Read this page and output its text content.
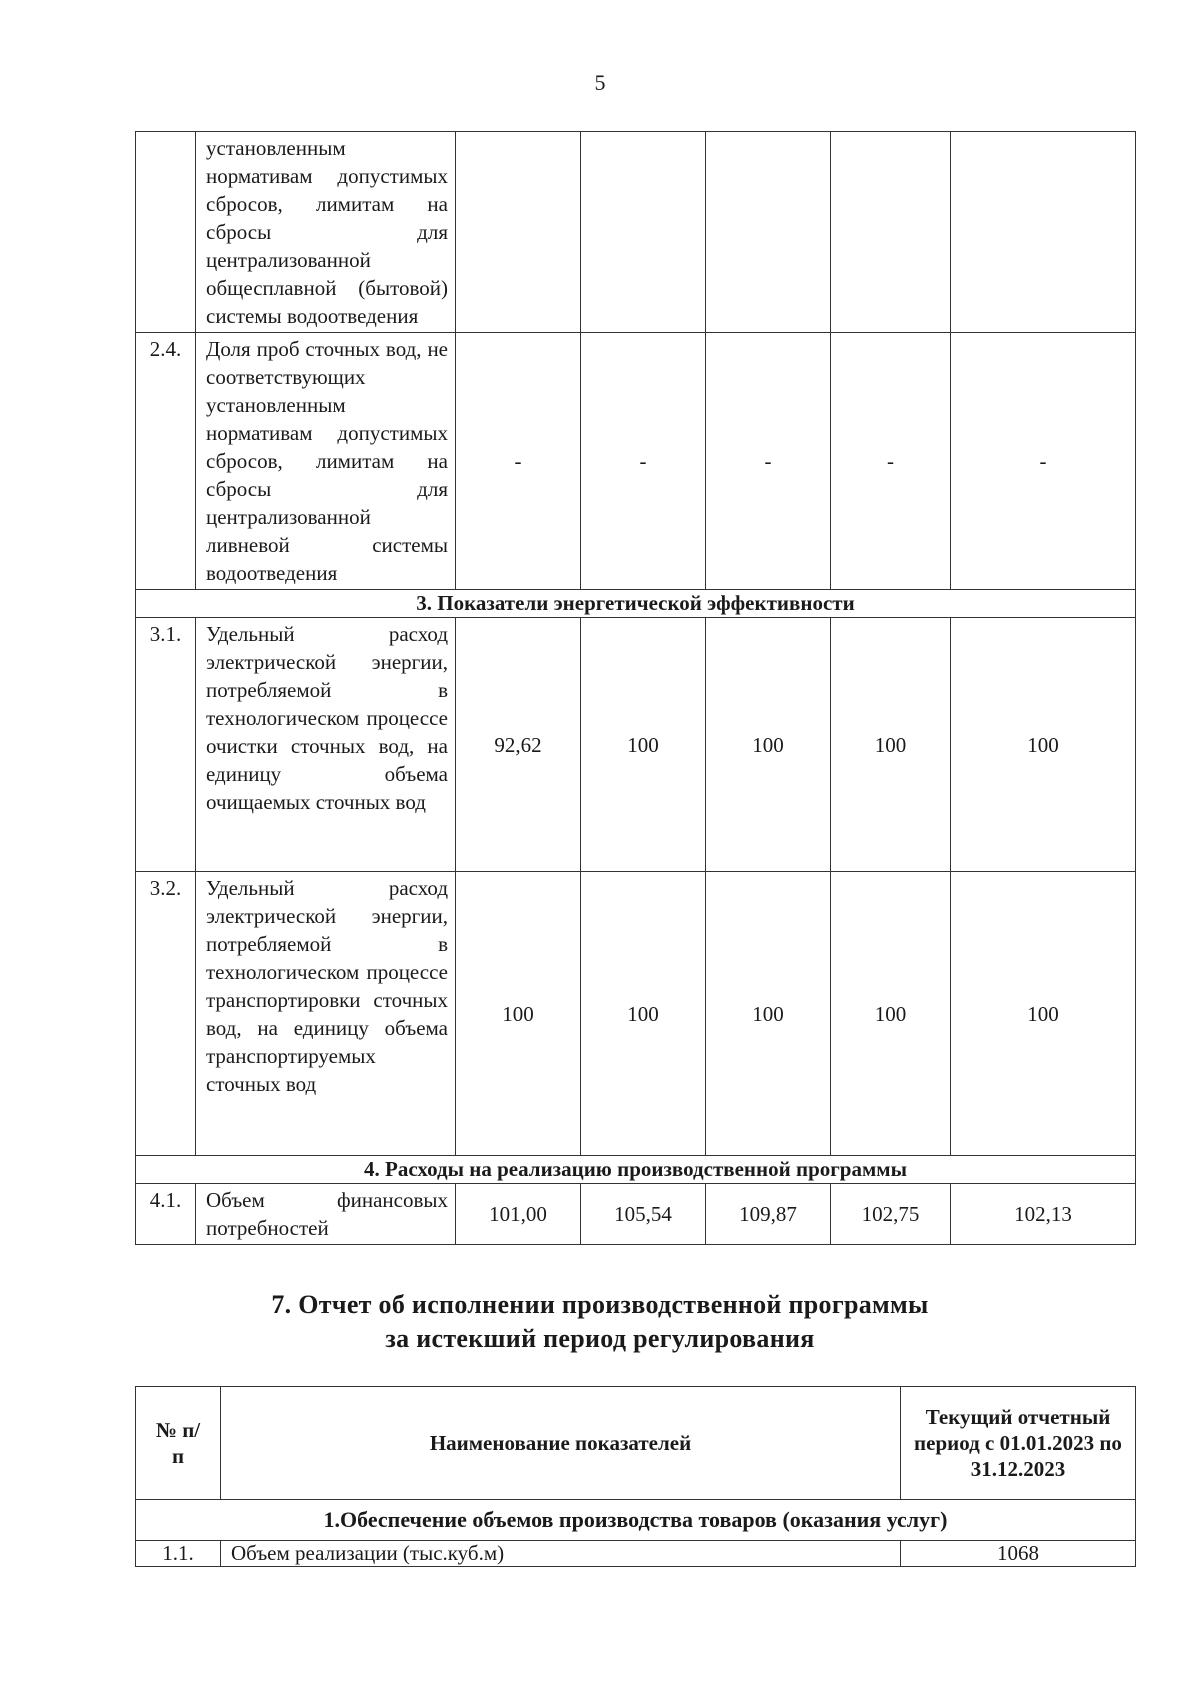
5
	установленным нормативам допустимых сбросов, лимитам на сбросы для централизованной общесплавной (бытовой) системы водоотведения					
2.4.	Доля проб сточных вод, не соответствующих установленным нормативам допустимых сбросов, лимитам на сбросы для централизованной ливневой системы водоотведения	-	-	-	-	-
3. Показатели энергетической эффективности						
3.1.	Удельный расход электрической энергии, потребляемой в технологическом процессе очистки сточных вод, на единицу объема очищаемых сточных вод	92,62	100	100	100	100
3.2.	Удельный расход электрической энергии, потребляемой в технологическом процессе транспортировки сточных вод, на единицу объема транспортируемых сточных вод	100	100	100	100	100
4. Расходы на реализацию производственной программы						
4.1.	Объем финансовых потребностей	101,00	105,54	109,87	102,75	102,13
7. Отчет об исполнении производственной программы
за истекший период регулирования
№ п/п	Наименование показателей	Текущий отчетный период с 01.01.2023 по 31.12.2023
1.Обеспечение объемов производства товаров (оказания услуг)		
1.1.	Объем реализации (тыс.куб.м)	1068
